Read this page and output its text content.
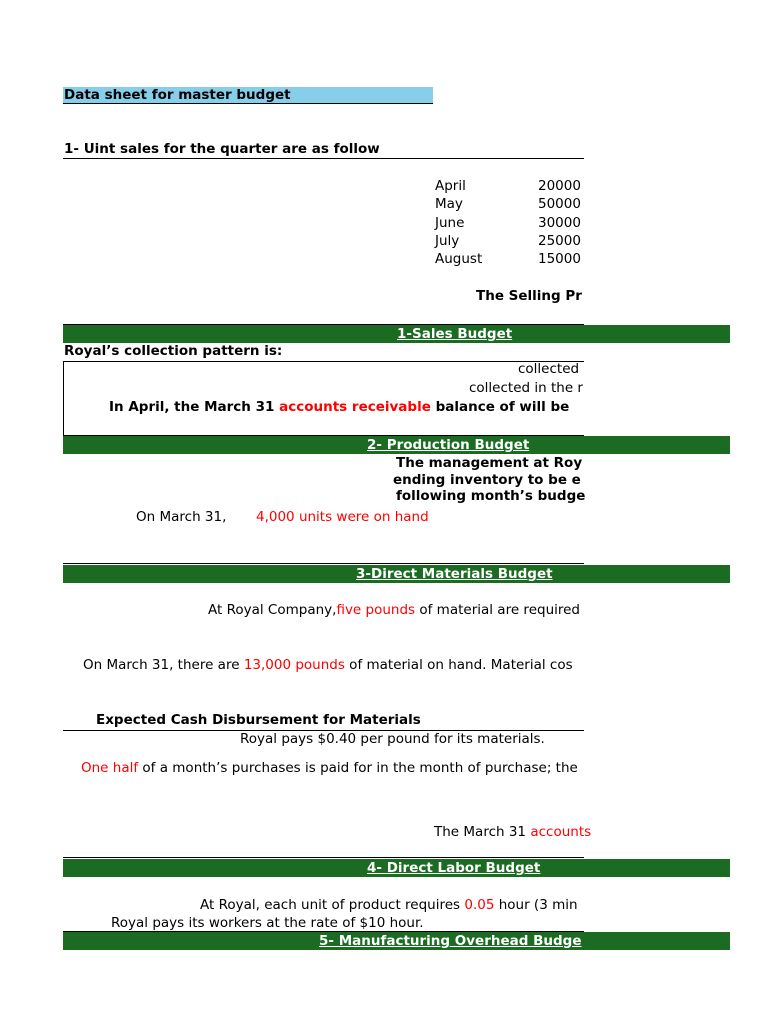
Data sheet for master budget
1- Uint sales for the quarter are as follow
April	20000
May	50000
June	30000
July	25000
August	15000
The Selling Pr
1-Sales Budget
Royal’s collection pattern is:
collected
collected in the r
In April, the March 31 accounts receivable balance of will be
2- Production Budget
The management at Roy
ending inventory to be e
following month’s budge
On March 31, 4,000 units were on hand
3-Direct Materials Budget
At Royal Company,five pounds of material are required
On March 31, there are 13,000 pounds of material on hand. Material cos
Expected Cash Disbursement for Materials
Royal pays $0.40 per pound for its materials.
One half of a month’s purchases is paid for in the month of purchase; the
The March 31 accounts
4- Direct Labor Budget
At Royal, each unit of product requires 0.05 hour (3 min
Royal pays its workers at the rate of $10 hour.
5- Manufacturing Overhead Budge
